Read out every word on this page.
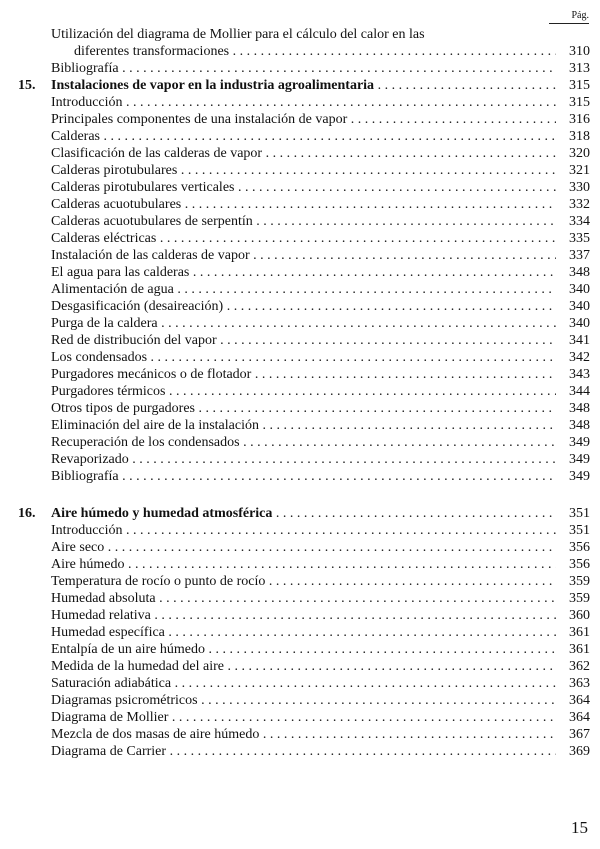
Pág.
Utilización del diagrama de Mollier para el cálculo del calor en las
diferentes transformaciones . . .	310
Bibliografía . . .	313
15. Instalaciones de vapor en la industria agroalimentaria . . .	315
Introducción . . .	315
Principales componentes de una instalación de vapor . . .	316
Calderas . . .	318
Clasificación de las calderas de vapor . . .	320
Calderas pirotubulares . . .	321
Calderas pirotubulares verticales . . .	330
Calderas acuotubulares . . .	332
Calderas acuotubulares de serpentín . . .	334
Calderas eléctricas . . .	335
Instalación de las calderas de vapor . . .	337
El agua para las calderas . . .	348
Alimentación de agua . . .	340
Desgasificación (desaireación) . . .	340
Purga de la caldera . . .	340
Red de distribución del vapor . . .	341
Los condensados . . .	342
Purgadores mecánicos o de flotador . . .	343
Purgadores térmicos . . .	344
Otros tipos de purgadores . . .	348
Eliminación del aire de la instalación . . .	348
Recuperación de los condensados . . .	349
Revaporizado . . .	349
Bibliografía . . .	349
16. Aire húmedo y humedad atmosférica . . .	351
Introducción . . .	351
Aire seco . . .	356
Aire húmedo . . .	356
Temperatura de rocío o punto de rocío . . .	359
Humedad absoluta . . .	359
Humedad relativa . . .	360
Humedad específica . . .	361
Entalpía de un aire húmedo . . .	361
Medida de la humedad del aire . . .	362
Saturación adiabática . . .	363
Diagramas psicrométricos . . .	364
Diagrama de Mollier . . .	364
Mezcla de dos masas de aire húmedo . . .	367
Diagrama de Carrier . . .	369
15
